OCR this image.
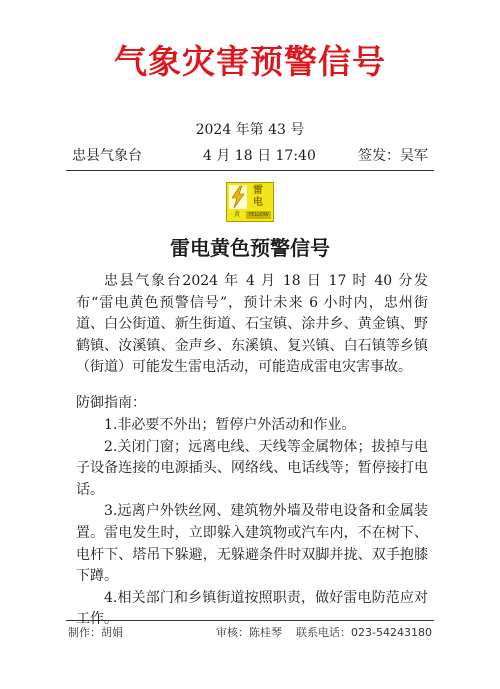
气象灾害预警信号
2024 年第 43 号
忠县气象台	4 月 18 日 17:40	签发：吴军
雷
电
黄	YELLOW
雷电黄色预警信号
忠县气象台2024 年 4 月 18 日 17 时 40 分发布“雷电黄色预警信号”，预计未来 6 小时内，忠州街道、白公街道、新生街道、石宝镇、涂井乡、黄金镇、野鹤镇、汝溪镇、金声乡、东溪镇、复兴镇、白石镇等乡镇（街道）可能发生雷电活动，可能造成雷电灾害事故。
防御指南：

1.非必要不外出；暂停户外活动和作业。

2.关闭门窗；远离电线、天线等金属物体；拔掉与电子设备连接的电源插头、网络线、电话线等；暂停接打电话。

3.远离户外铁丝网、建筑物外墙及带电设备和金属装置。雷电发生时，立即躲入建筑物或汽车内，不在树下、电杆下、塔吊下躲避，无躲避条件时双脚并拢、双手抱膝下蹲。

4.相关部门和乡镇街道按照职责，做好雷电防范应对工作。

制作：胡娟	审核：陈桂琴 联系电话：023-54243180
